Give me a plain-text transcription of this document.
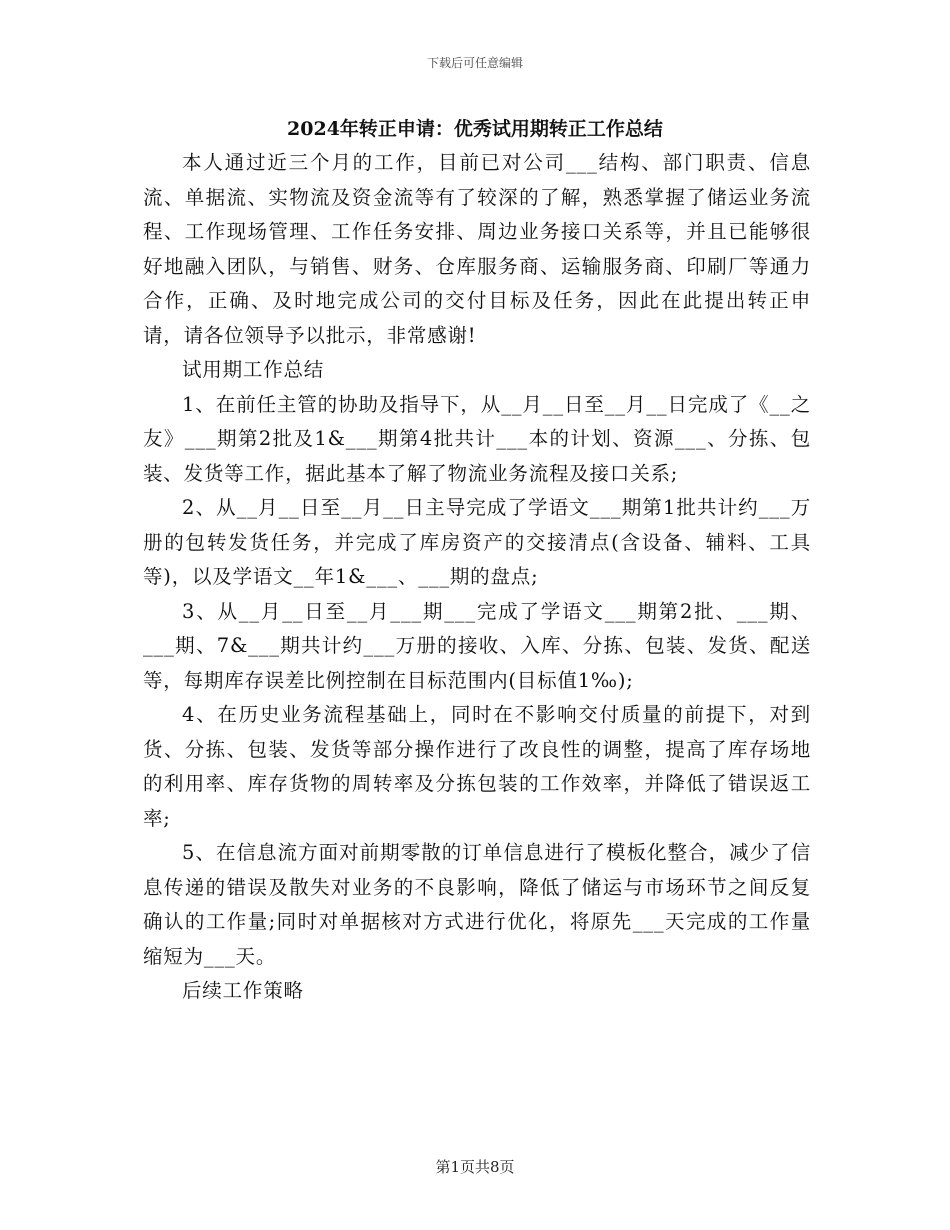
下载后可任意编辑
2024年转正申请：优秀试用期转正工作总结

本人通过近三个月的工作，目前已对公司___结构、部门职责、信息流、单据流、实物流及资金流等有了较深的了解，熟悉掌握了储运业务流程、工作现场管理、工作任务安排、周边业务接口关系等，并且已能够很好地融入团队，与销售、财务、仓库服务商、运输服务商、印刷厂等通力合作，正确、及时地完成公司的交付目标及任务，因此在此提出转正申请，请各位领导予以批示，非常感谢!

试用期工作总结

1、在前任主管的协助及指导下，从__月__日至__月__日完成了《__之友》___期第2批及1&___期第4批共计___本的计划、资源___、分拣、包装、发货等工作，据此基本了解了物流业务流程及接口关系;

2、从__月__日至__月__日主导完成了学语文___期第1批共计约___万册的包转发货任务，并完成了库房资产的交接清点(含设备、辅料、工具等)，以及学语文__年1&___、___期的盘点;

3、从__月__日至__月___期___完成了学语文___期第2批、___期、___期、7&___期共计约___万册的接收、入库、分拣、包装、发货、配送等，每期库存误差比例控制在目标范围内(目标值1‰);

4、在历史业务流程基础上，同时在不影响交付质量的前提下，对到货、分拣、包装、发货等部分操作进行了改良性的调整，提高了库存场地的利用率、库存货物的周转率及分拣包装的工作效率，并降低了错误返工率;

5、在信息流方面对前期零散的订单信息进行了模板化整合，减少了信息传递的错误及散失对业务的不良影响，降低了储运与市场环节之间反复确认的工作量;同时对单据核对方式进行优化，将原先___天完成的工作量缩短为___天。

后续工作策略

第1页共8页
